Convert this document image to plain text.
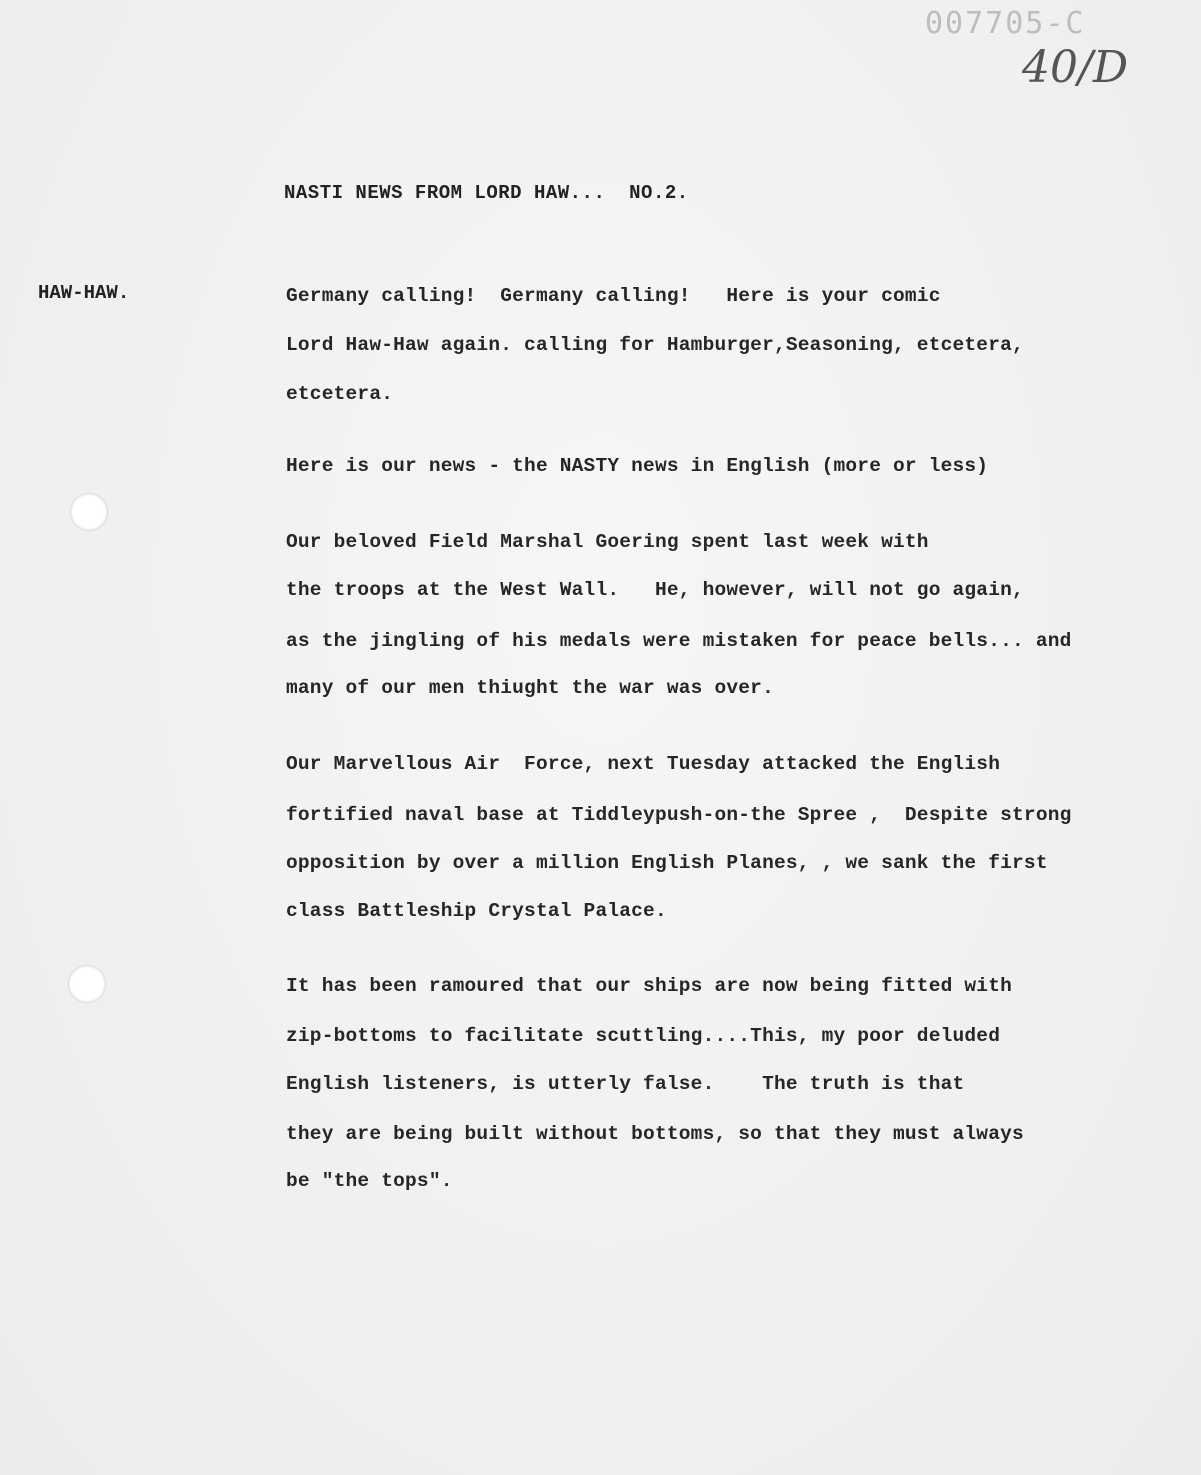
007705-C
40/D
NASTI NEWS FROM LORD HAW...  NO.2.
HAW-HAW.	Germany calling!  Germany calling!   Here is your comic
Lord Haw-Haw again. calling for Hamburger,Seasoning, etcetera,
etcetera.
Here is our news - the NASTY news in English (more or less)
Our beloved Field Marshal Goering spent last week with
the troops at the West Wall.   He, however, will not go again,
as the jingling of his medals were mistaken for peace bells... and
many of our men thiught the war was over.
Our Marvellous Air  Force, next Tuesday attacked the English
fortified naval base at Tiddleypush-on-the Spree ,  Despite strong
opposition by over a million English Planes, , we sank the first
class Battleship Crystal Palace.
It has been ramoured that our ships are now being fitted with
zip-bottoms to facilitate scuttling....This, my poor deluded
English listeners, is utterly false.    The truth is that
they are being built without bottoms, so that they must always
be "the tops".
